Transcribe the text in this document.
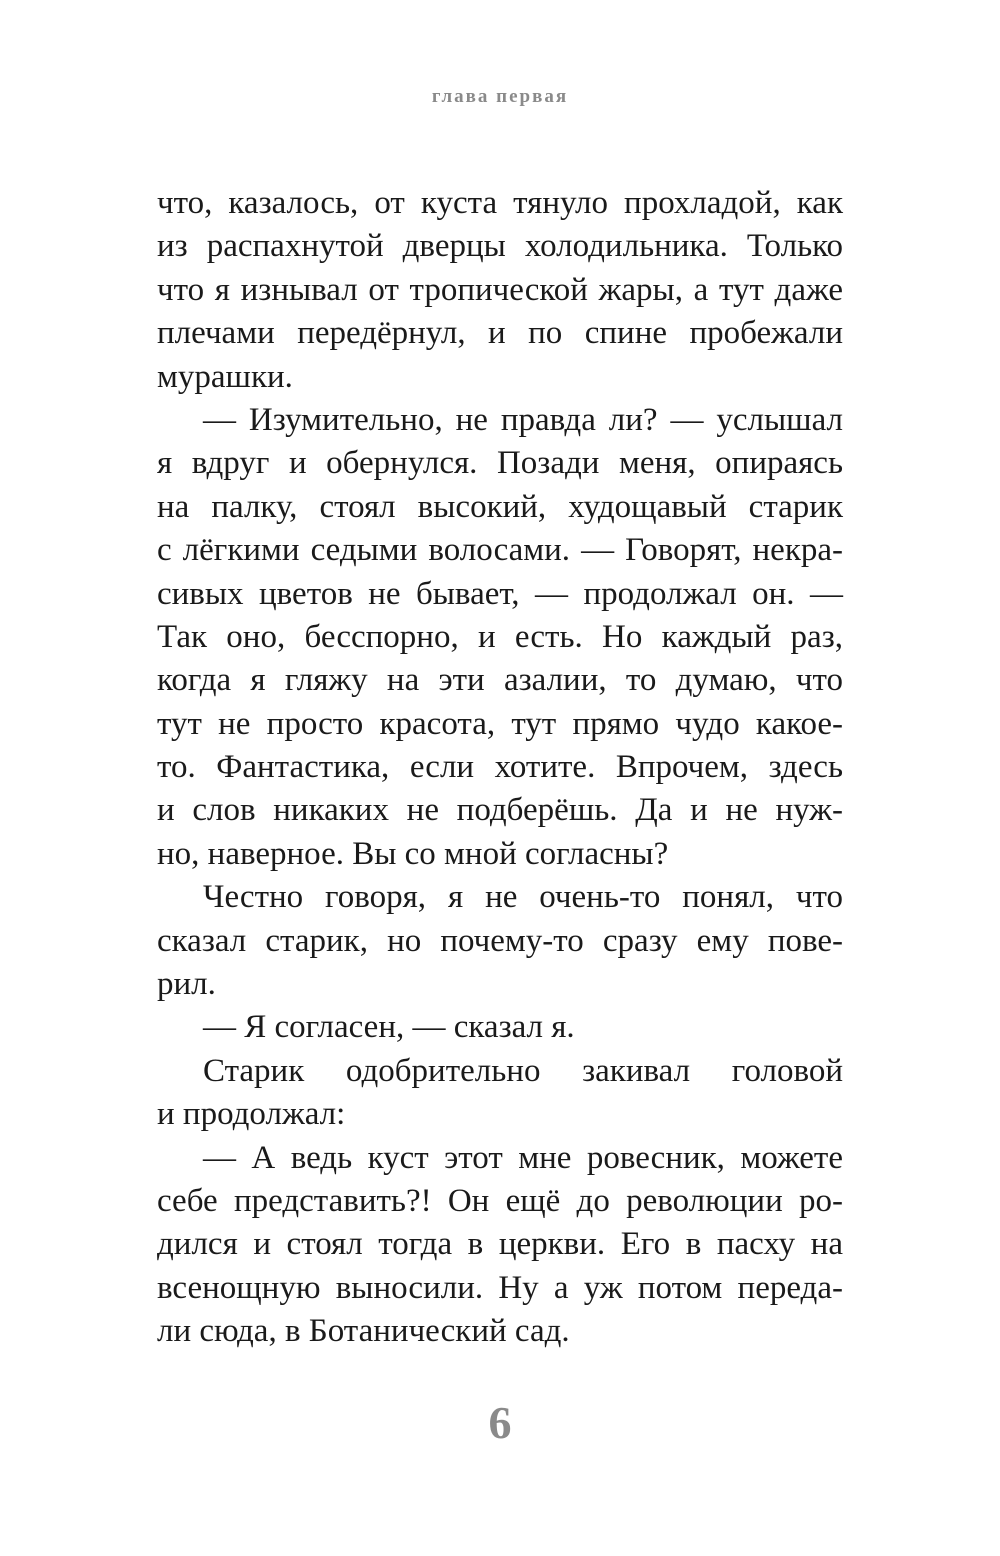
глава первая
что, казалось, от куста тянуло прохладой, как
из распахнутой дверцы холодильника. Только
что я изнывал от тропической жары, а тут даже
плечами передёрнул, и по спине пробежали
мурашки.
— Изумительно, не правда ли? — услышал
я вдруг и обернулся. Позади меня, опираясь
на палку, стоял высокий, худощавый старик
с лёгкими седыми волосами. — Говорят, некра-
сивых цветов не бывает, — продолжал он. —
Так оно, бесспорно, и есть. Но каждый раз,
когда я гляжу на эти азалии, то думаю, что
тут не просто красота, тут прямо чудо какое-
то. Фантастика, если хотите. Впрочем, здесь
и слов никаких не подберёшь. Да и не нуж-
но, наверное. Вы со мной согласны?
Честно говоря, я не очень-то понял, что
сказал старик, но почему-то сразу ему пове-
рил.
— Я согласен, — сказал я.
Старик одобрительно закивал головой
и продолжал:
— А ведь куст этот мне ровесник, можете
себе представить?! Он ещё до революции ро-
дился и стоял тогда в церкви. Его в пасху на
всенощную выносили. Ну а уж потом переда-
ли сюда, в Ботанический сад.
6
